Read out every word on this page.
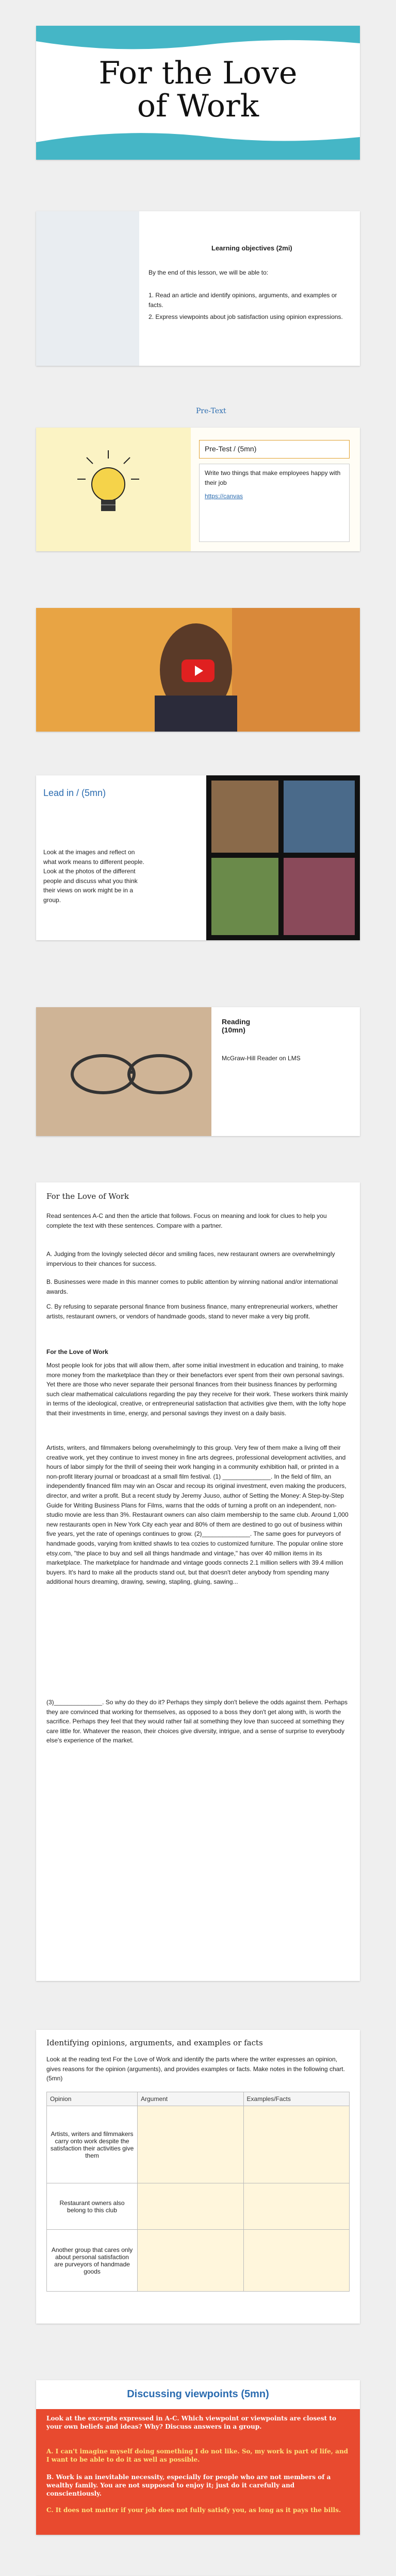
For the Love
of Work
Learning objectives (2mi)
By the end of this lesson, we will be able to:
1. Read an article and identify opinions, arguments, and examples or facts.
2. Express viewpoints about job satisfaction using opinion expressions.
Pre-Text
Pre-Test / (5mn)
Write two things that make employees happy with their job
https://canvas
Lead in / (5mn)
Look at the images and reflect on what work means to different people. Look at the photos of the different people and discuss what you think their views on work might be in a group.
Reading (10mn)
McGraw-Hill Reader on LMS
For the Love of Work
Read sentences A-C and then the article that follows. Focus on meaning and look for clues to help you complete the text with these sentences. Compare with a partner.
A. Judging from the lovingly selected décor and smiling faces, new restaurant owners are overwhelmingly impervious to their chances for success.
B. Businesses were made in this manner comes to public attention by winning national and/or international awards.
C. By refusing to separate personal finance from business finance, many entrepreneurial workers, whether artists, restaurant owners, or vendors of handmade goods, stand to never make a very big profit.
For the Love of Work
Most people look for jobs that will allow them, after some initial investment in education and training, to make more money from the marketplace than they or their benefactors ever spent from their own personal savings. Yet there are those who never separate their personal finances from their business finances by performing such clear mathematical calculations regarding the pay they receive for their work. These workers think mainly in terms of the ideological, creative, or entrepreneurial satisfaction that activities give them, with the lofty hope that their investments in time, energy, and personal savings they invest on a daily basis.
Artists, writers, and filmmakers belong overwhelmingly to this group. Very few of them make a living off their creative work, yet they continue to invest money in fine arts degrees, professional development activities, and hours of labor simply for the thrill of seeing their work hanging in a community exhibition hall, or printed in a non-profit literary journal or broadcast at a small film festival. (1) ______________. In the field of film, an independently financed film may win an Oscar and recoup its original investment, even making the producers, director, and writer a profit. But a recent study by Jeremy Juuso, author of Setting the Money: A Step-by-Step Guide for Writing Business Plans for Films, warns that the odds of turning a profit on an independent, non-studio movie are less than 3%. Restaurant owners can also claim membership to the same club. Around 1,000 new restaurants open in New York City each year and 80% of them are destined to go out of business within five years, yet the rate of openings continues to grow. (2)______________. The same goes for purveyors of handmade goods, varying from knitted shawls to tea cozies to customized furniture. The popular online store etsy.com, "the place to buy and sell all things handmade and vintage," has over 40 million items in its marketplace. The marketplace for handmade and vintage goods connects 2.1 million sellers with 39.4 million buyers. It's hard to make all the products stand out, but that doesn't deter anybody from spending many additional hours dreaming, drawing, sewing, stapling, gluing, sawing...
(3)______________. So why do they do it? Perhaps they simply don't believe the odds against them. Perhaps they are convinced that working for themselves, as opposed to a boss they don't get along with, is worth the sacrifice. Perhaps they feel that they would rather fail at something they love than succeed at something they care little for. Whatever the reason, their choices give diversity, intrigue, and a sense of surprise to everybody else's experience of the market.
Identifying opinions, arguments, and examples or facts
Look at the reading text For the Love of Work and identify the parts where the writer expresses an opinion, gives reasons for the opinion (arguments), and provides examples or facts. Make notes in the following chart. (5mn)
Opinion	Argument	Examples/Facts
Artists, writers and filmmakers carry onto work despite the satisfaction their activities give them		
Restaurant owners also belong to this club		
Another group that cares only about personal satisfaction are purveyors of handmade goods		
Discussing viewpoints (5mn)
Look at the excerpts expressed in A-C. Which viewpoint or viewpoints are closest to your own beliefs and ideas? Why? Discuss answers in a group.
A. I can't imagine myself doing something I do not like. So, my work is part of life, and I want to be able to do it as well as possible.
B. Work is an inevitable necessity, especially for people who are not members of a wealthy family. You are not supposed to enjoy it; just do it carefully and conscientiously.
C. It does not matter if your job does not fully satisfy you, as long as it pays the bills.
